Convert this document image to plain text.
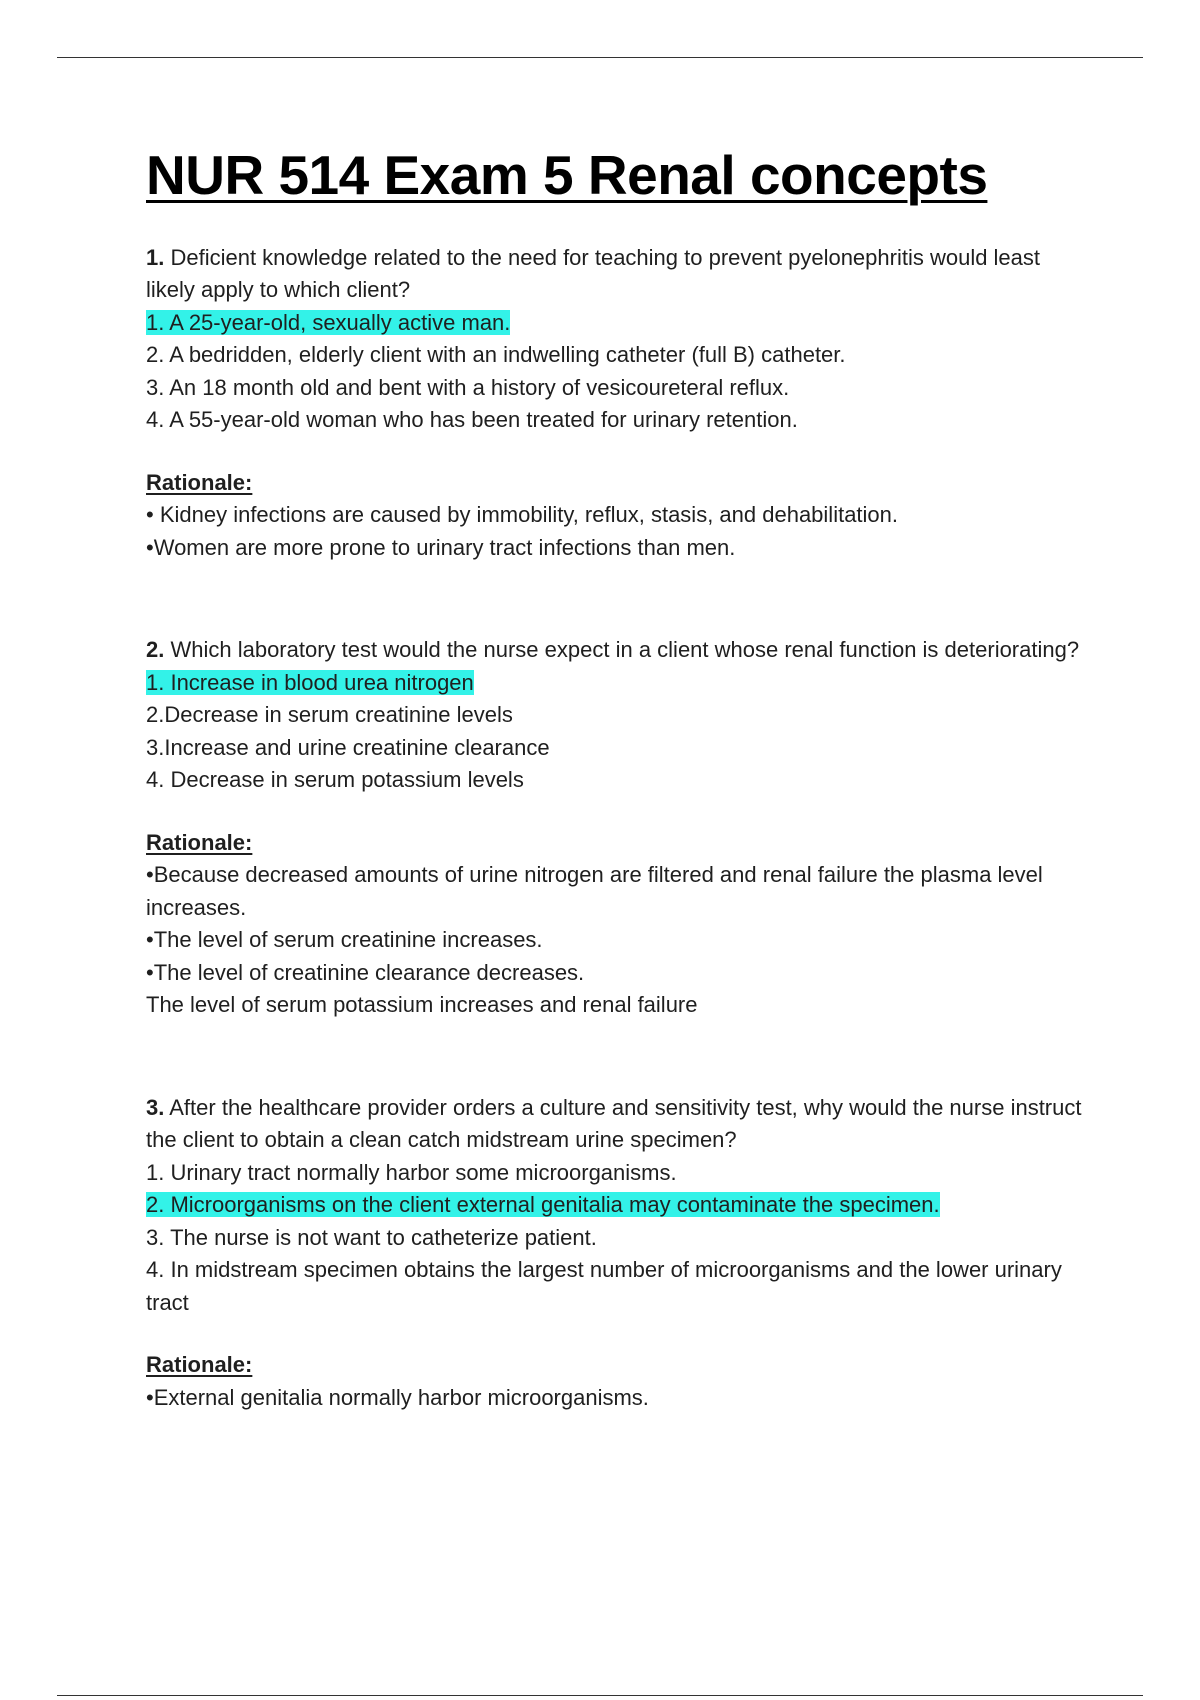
NUR 514 Exam 5 Renal concepts
1. Deficient knowledge related to the need for teaching to prevent pyelonephritis would least likely apply to which client?
1. A 25-year-old, sexually active man.
2. A bedridden, elderly client with an indwelling catheter (full B) catheter.
3. An 18 month old and bent with a history of vesicoureteral reflux.
4. A 55-year-old woman who has been treated for urinary retention.
Rationale:
• Kidney infections are caused by immobility, reflux, stasis, and dehabilitation.
•Women are more prone to urinary tract infections than men.
2. Which laboratory test would the nurse expect in a client whose renal function is deteriorating?
1. Increase in blood urea nitrogen
2.Decrease in serum creatinine levels
3.Increase and urine creatinine clearance
4. Decrease in serum potassium levels
Rationale:
•Because decreased amounts of urine nitrogen are filtered and renal failure the plasma level increases.
•The level of serum creatinine increases.
•The level of creatinine clearance decreases.
The level of serum potassium increases and renal failure
3. After the healthcare provider orders a culture and sensitivity test, why would the nurse instruct the client to obtain a clean catch midstream urine specimen?
1. Urinary tract normally harbor some microorganisms.
2. Microorganisms on the client external genitalia may contaminate the specimen.
3. The nurse is not want to catheterize patient.
4. In midstream specimen obtains the largest number of microorganisms and the lower urinary tract
Rationale:
•External genitalia normally harbor microorganisms.
